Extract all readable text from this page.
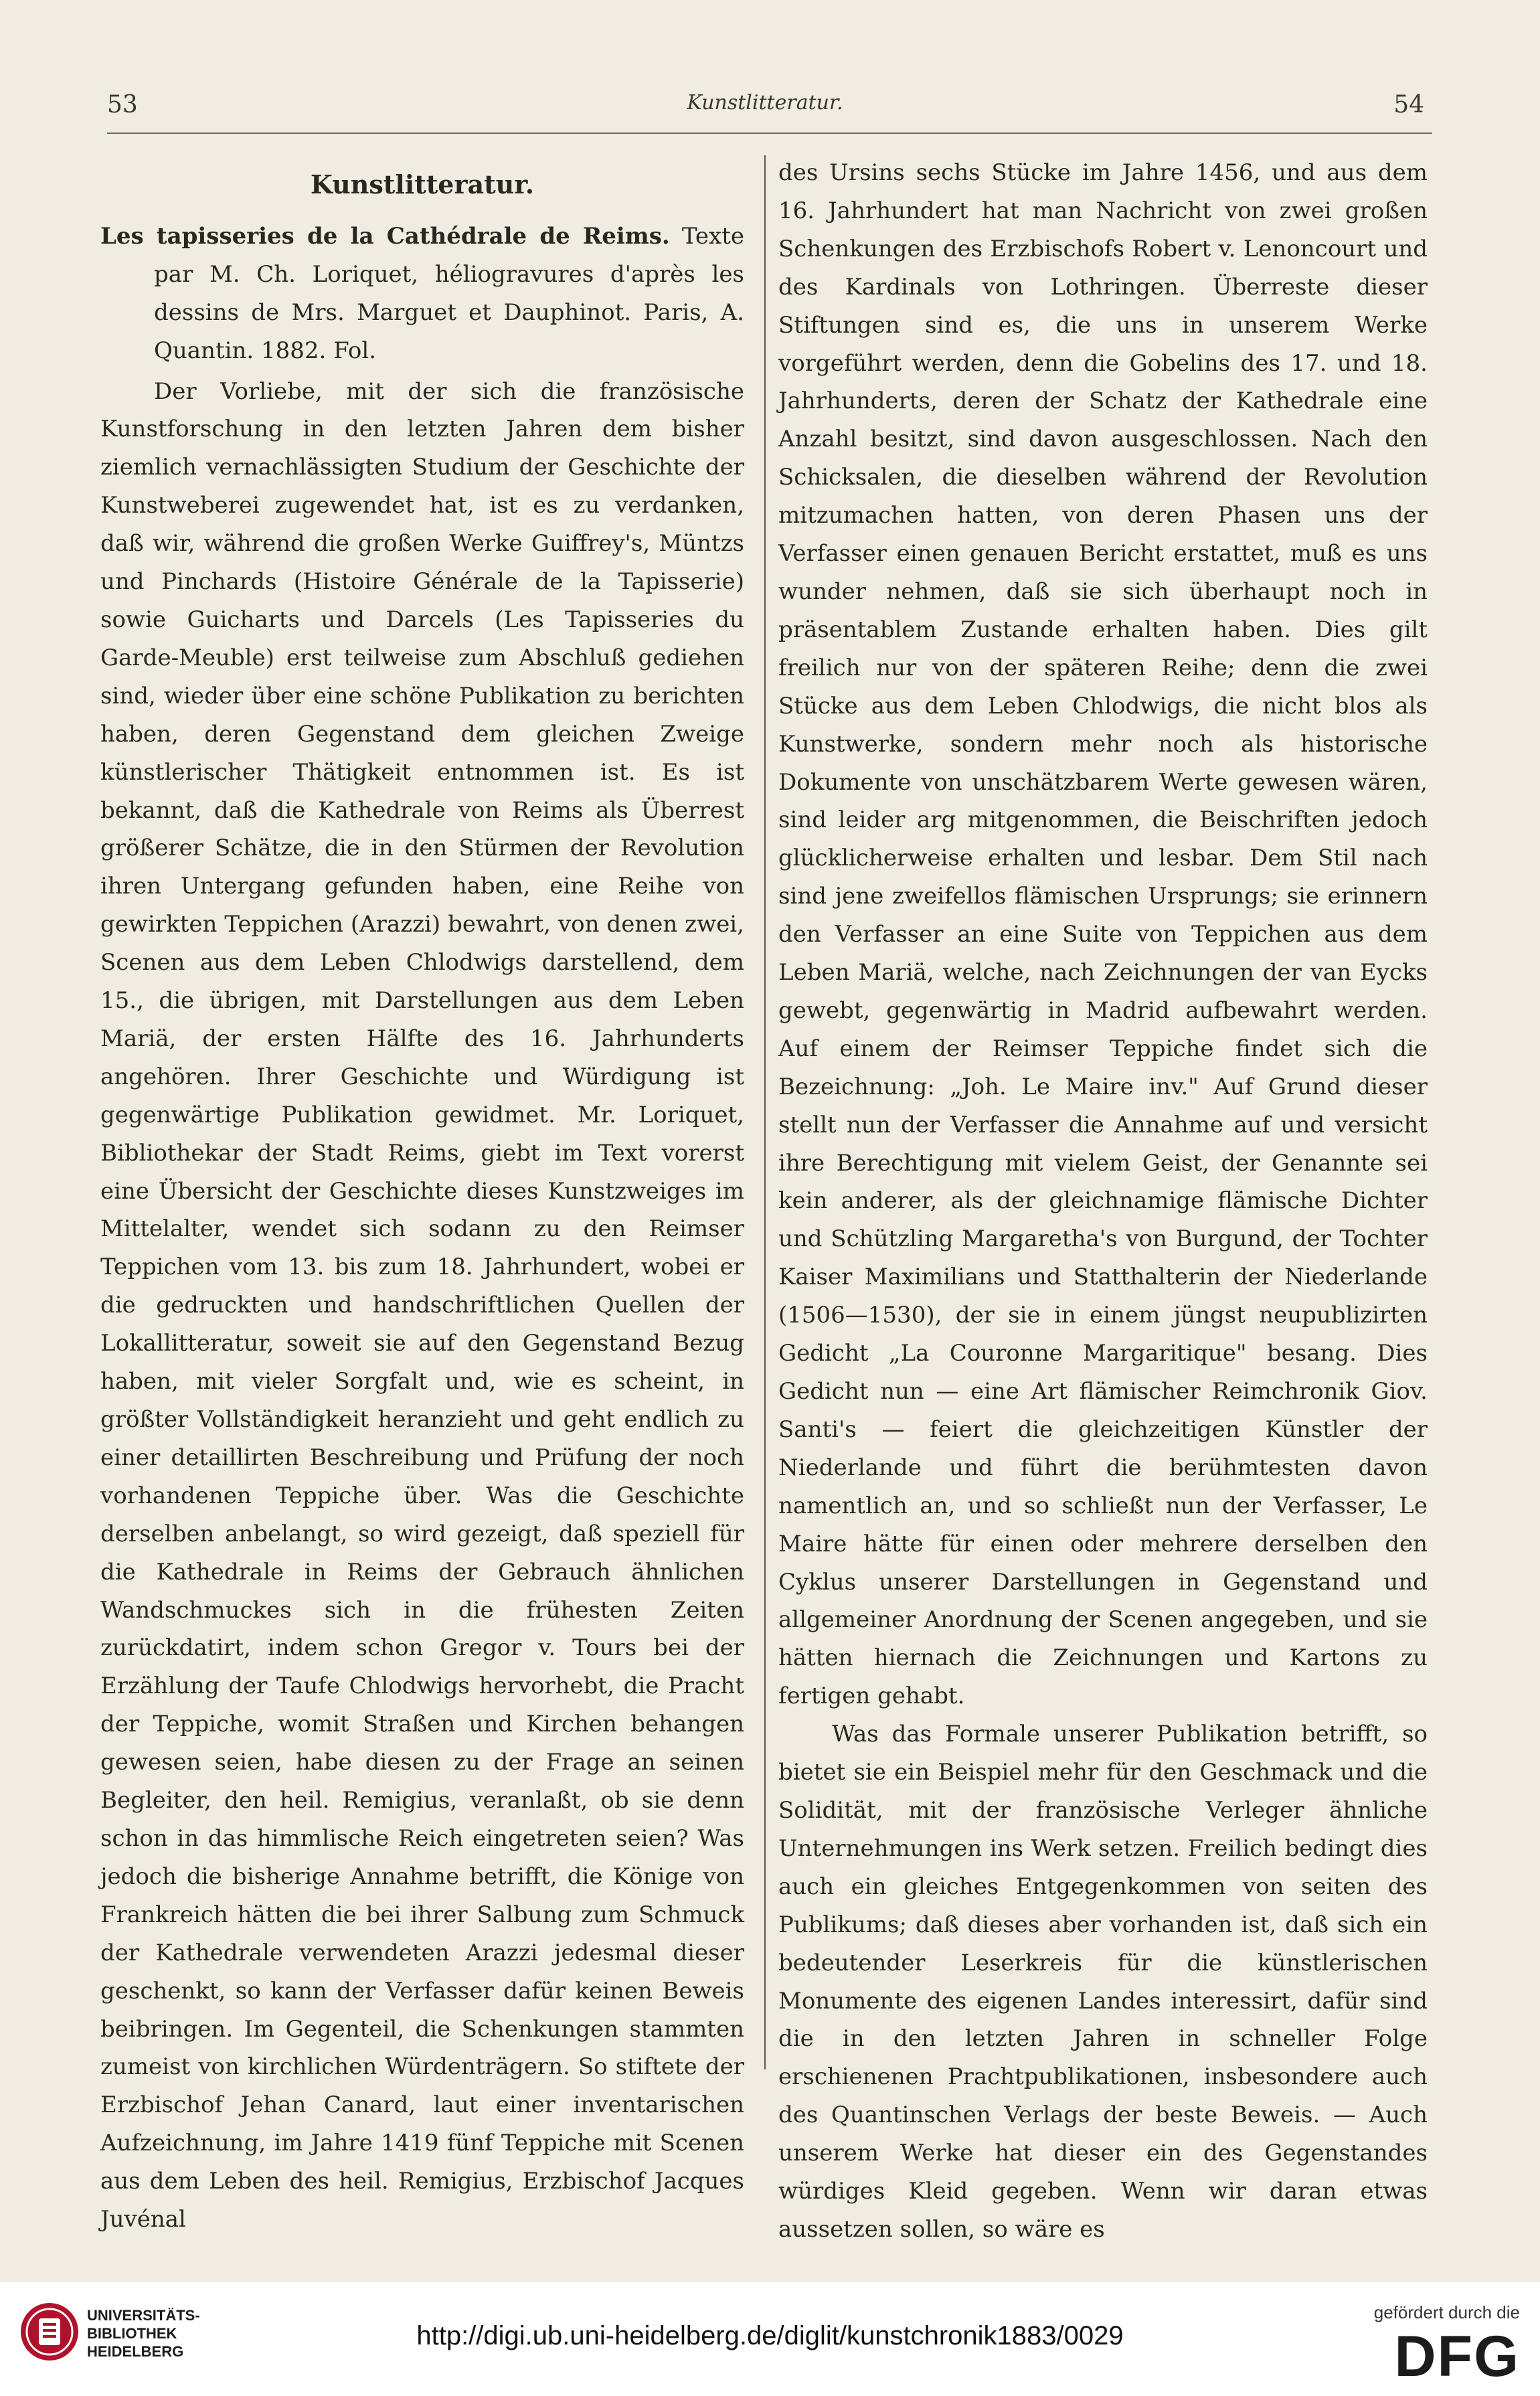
53	Kunstlitteratur.	54

Kunstlitteratur.

Les tapisseries de la Cathédrale de Reims. Texte par M. Ch. Loriquet, héliogravures d'après les dessins de Mrs. Marguet et Dauphinot. Paris, A. Quantin. 1882. Fol.

Der Vorliebe, mit der sich die französische Kunstforschung in den letzten Jahren dem bisher ziemlich vernachlässigten Studium der Geschichte der Kunstweberei zugewendet hat, ist es zu verdanken, daß wir, während die großen Werke Guiffrey's, Müntzs und Pinchards (Histoire Générale de la Tapisserie) sowie Guicharts und Darcels (Les Tapisseries du Garde-Meuble) erst teilweise zum Abschluß gediehen sind, wieder über eine schöne Publikation zu berichten haben, deren Gegenstand dem gleichen Zweige künstlerischer Thätigkeit entnommen ist. Es ist bekannt, daß die Kathedrale von Reims als Überrest größerer Schätze, die in den Stürmen der Revolution ihren Untergang gefunden haben, eine Reihe von gewirkten Teppichen (Arazzi) bewahrt, von denen zwei, Scenen aus dem Leben Chlodwigs darstellend, dem 15., die übrigen, mit Darstellungen aus dem Leben Mariä, der ersten Hälfte des 16. Jahrhunderts angehören. Ihrer Geschichte und Würdigung ist gegenwärtige Publikation gewidmet. Mr. Loriquet, Bibliothekar der Stadt Reims, giebt im Text vorerst eine Übersicht der Geschichte dieses Kunstzweiges im Mittelalter, wendet sich sodann zu den Reimser Teppichen vom 13. bis zum 18. Jahrhundert, wobei er die gedruckten und handschriftlichen Quellen der Lokallitteratur, soweit sie auf den Gegenstand Bezug haben, mit vieler Sorgfalt und, wie es scheint, in größter Vollständigkeit heranzieht und geht endlich zu einer detaillirten Beschreibung und Prüfung der noch vorhandenen Teppiche über. Was die Geschichte derselben anbelangt, so wird gezeigt, daß speziell für die Kathedrale in Reims der Gebrauch ähnlichen Wandschmuckes sich in die frühesten Zeiten zurückdatirt, indem schon Gregor v. Tours bei der Erzählung der Taufe Chlodwigs hervorhebt, die Pracht der Teppiche, womit Straßen und Kirchen behangen gewesen seien, habe diesen zu der Frage an seinen Begleiter, den heil. Remigius, veranlaßt, ob sie denn schon in das himmlische Reich eingetreten seien? Was jedoch die bisherige Annahme betrifft, die Könige von Frankreich hätten die bei ihrer Salbung zum Schmuck der Kathedrale verwendeten Arazzi jedesmal dieser geschenkt, so kann der Verfasser dafür keinen Beweis beibringen. Im Gegenteil, die Schenkungen stammten zumeist von kirchlichen Würdenträgern. So stiftete der Erzbischof Jehan Canard, laut einer inventarischen Aufzeichnung, im Jahre 1419 fünf Teppiche mit Scenen aus dem Leben des heil. Remigius, Erzbischof Jacques Juvénal

des Ursins sechs Stücke im Jahre 1456, und aus dem 16. Jahrhundert hat man Nachricht von zwei großen Schenkungen des Erzbischofs Robert v. Lenoncourt und des Kardinals von Lothringen. Überreste dieser Stiftungen sind es, die uns in unserem Werke vorgeführt werden, denn die Gobelins des 17. und 18. Jahrhunderts, deren der Schatz der Kathedrale eine Anzahl besitzt, sind davon ausgeschlossen. Nach den Schicksalen, die dieselben während der Revolution mitzumachen hatten, von deren Phasen uns der Verfasser einen genauen Bericht erstattet, muß es uns wunder nehmen, daß sie sich überhaupt noch in präsentablem Zustande erhalten haben. Dies gilt freilich nur von der späteren Reihe; denn die zwei Stücke aus dem Leben Chlodwigs, die nicht blos als Kunstwerke, sondern mehr noch als historische Dokumente von unschätzbarem Werte gewesen wären, sind leider arg mitgenommen, die Beischriften jedoch glücklicherweise erhalten und lesbar. Dem Stil nach sind jene zweifellos flämischen Ursprungs; sie erinnern den Verfasser an eine Suite von Teppichen aus dem Leben Mariä, welche, nach Zeichnungen der van Eycks gewebt, gegenwärtig in Madrid aufbewahrt werden. Auf einem der Reimser Teppiche findet sich die Bezeichnung: „Joh. Le Maire inv." Auf Grund dieser stellt nun der Verfasser die Annahme auf und versicht ihre Berechtigung mit vielem Geist, der Genannte sei kein anderer, als der gleichnamige flämische Dichter und Schützling Margaretha's von Burgund, der Tochter Kaiser Maximilians und Statthalterin der Niederlande (1506—1530), der sie in einem jüngst neupublizirten Gedicht „La Couronne Margaritique" besang. Dies Gedicht nun — eine Art flämischer Reimchronik Giov. Santi's — feiert die gleichzeitigen Künstler der Niederlande und führt die berühmtesten davon namentlich an, und so schließt nun der Verfasser, Le Maire hätte für einen oder mehrere derselben den Cyklus unserer Darstellungen in Gegenstand und allgemeiner Anordnung der Scenen angegeben, und sie hätten hiernach die Zeichnungen und Kartons zu fertigen gehabt.

Was das Formale unserer Publikation betrifft, so bietet sie ein Beispiel mehr für den Geschmack und die Solidität, mit der französische Verleger ähnliche Unternehmungen ins Werk setzen. Freilich bedingt dies auch ein gleiches Entgegenkommen von seiten des Publikums; daß dieses aber vorhanden ist, daß sich ein bedeutender Leserkreis für die künstlerischen Monumente des eigenen Landes interessirt, dafür sind die in den letzten Jahren in schneller Folge erschienenen Prachtpublikationen, insbesondere auch des Quantinschen Verlags der beste Beweis. — Auch unserem Werke hat dieser ein des Gegenstandes würdiges Kleid gegeben. Wenn wir daran etwas aussetzen sollen, so wäre es

UNIVERSITÄTS-
BIBLIOTHEK
HEIDELBERG
http://digi.ub.uni-heidelberg.de/diglit/kunstchronik1883/0029
gefördert durch die
DFG
